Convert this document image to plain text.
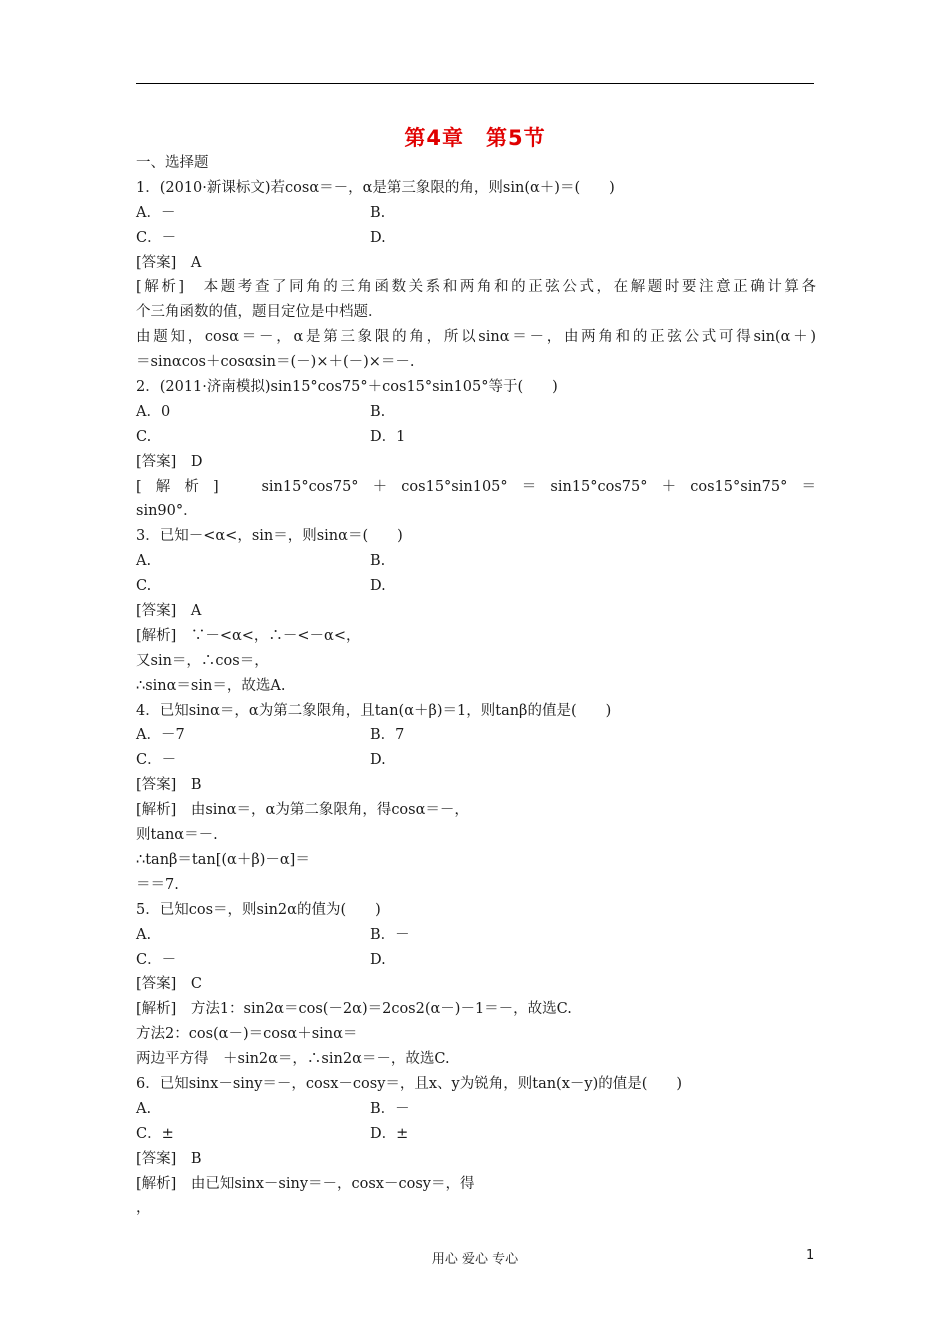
第4章　第5节
一、选择题
1．(2010·新课标文)若cosα＝－，α是第三象限的角，则sin(α＋)＝(　　)
A．－	B.
C．－	D.
[答案]　A
[解析]　本题考查了同角的三角函数关系和两角和的正弦公式，在解题时要注意正确计算各
个三角函数的值，题目定位是中档题．
由题知，cosα＝－，α是第三象限的角，所以sinα＝－，由两角和的正弦公式可得sin(α＋)
＝sinαcos＋cosαsin＝(－)×＋(－)×＝－.
2．(2011·济南模拟)sin15°cos75°＋cos15°sin105°等于(　　)
A．0	B.
C.	D．1
[答案]　D
[解析]　sin15°cos75°＋cos15°sin105°＝sin15°cos75°＋cos15°sin75°＝
sin90°．
3．已知－<α<，sin＝，则sinα＝(　　)
A.	B.
C.	D.
[答案]　A
[解析]　∵－<α<，∴－<－α<，
又sin＝，∴cos＝，
∴sinα＝sin＝，故选A.
4．已知sinα＝，α为第二象限角，且tan(α＋β)＝1，则tanβ的值是(　　)
A．－7	B．7
C．－	D.
[答案]　B
[解析]　由sinα＝，α为第二象限角，得cosα＝－，
则tanα＝－.
∴tanβ＝tan[(α＋β)－α]＝
＝＝7.
5．已知cos＝，则sin2α的值为(　　)
A.	B．－
C．－	D.
[答案]　C
[解析]　方法1：sin2α＝cos(－2α)＝2cos2(α－)－1＝－，故选C.
方法2：cos(α－)＝cosα＋sinα＝
两边平方得　＋sin2α＝，∴sin2α＝－，故选C.
6．已知sinx－siny＝－，cosx－cosy＝，且x、y为锐角，则tan(x－y)的值是(　　)
A.	B．－
C．±	D．±
[答案]　B
[解析]　由已知sinx－siny＝－，cosx－cosy＝，得
，
用心 爱心 专心	1
